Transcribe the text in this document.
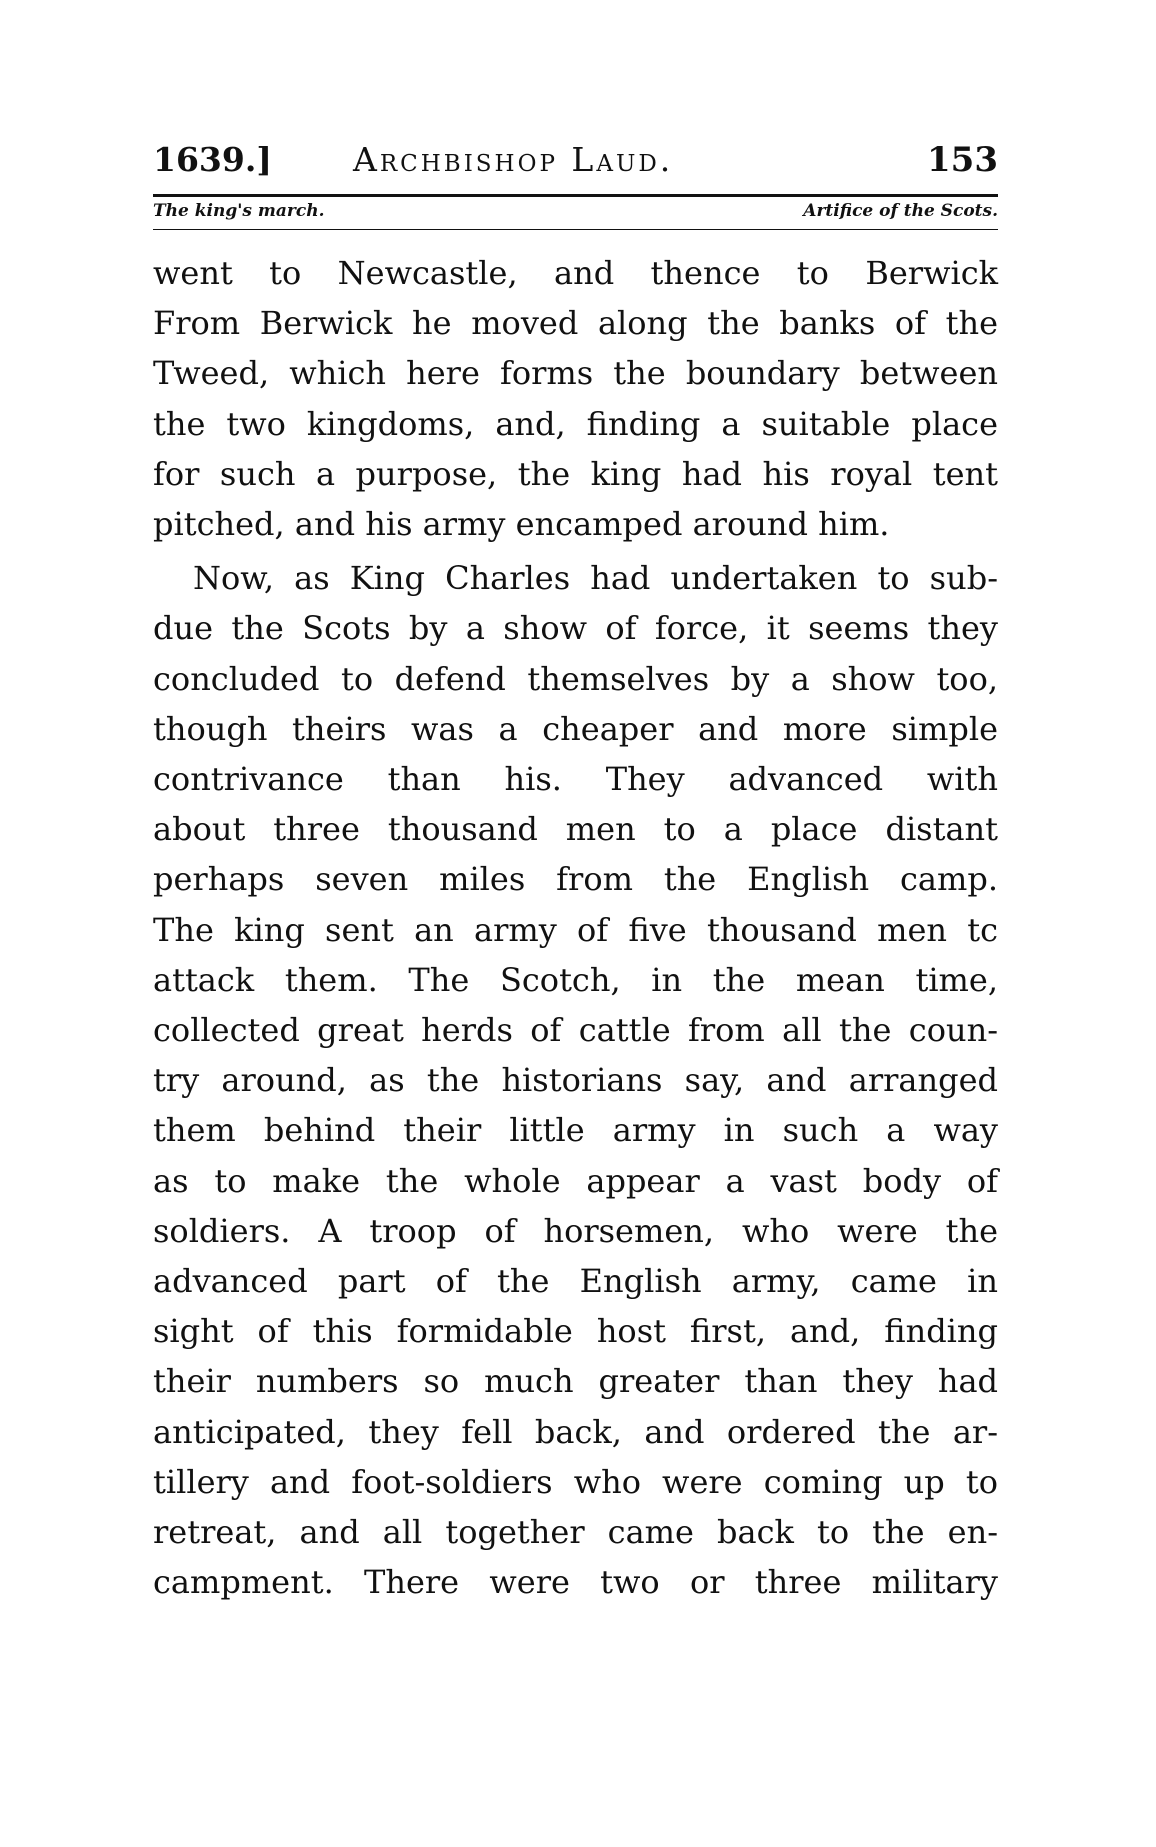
1639.] Archbishop Laud.	153
The king's march.	Artifice of the Scots.
went to Newcastle, and thence to Berwick
From Berwick he moved along the banks of the
Tweed, which here forms the boundary between
the two kingdoms, and, finding a suitable place
for such a purpose, the king had his royal tent
pitched, and his army encamped around him.
Now, as King Charles had undertaken to sub-
due the Scots by a show of force, it seems they
concluded to defend themselves by a show too,
though theirs was a cheaper and more simple
contrivance than his. They advanced with
about three thousand men to a place distant
perhaps seven miles from the English camp.
The king sent an army of five thousand men tc
attack them. The Scotch, in the mean time,
collected great herds of cattle from all the coun-
try around, as the historians say, and arranged
them behind their little army in such a way
as to make the whole appear a vast body of
soldiers. A troop of horsemen, who were the
advanced part of the English army, came in
sight of this formidable host first, and, finding
their numbers so much greater than they had
anticipated, they fell back, and ordered the ar-
tillery and foot-soldiers who were coming up to
retreat, and all together came back to the en-
campment. There were two or three military
